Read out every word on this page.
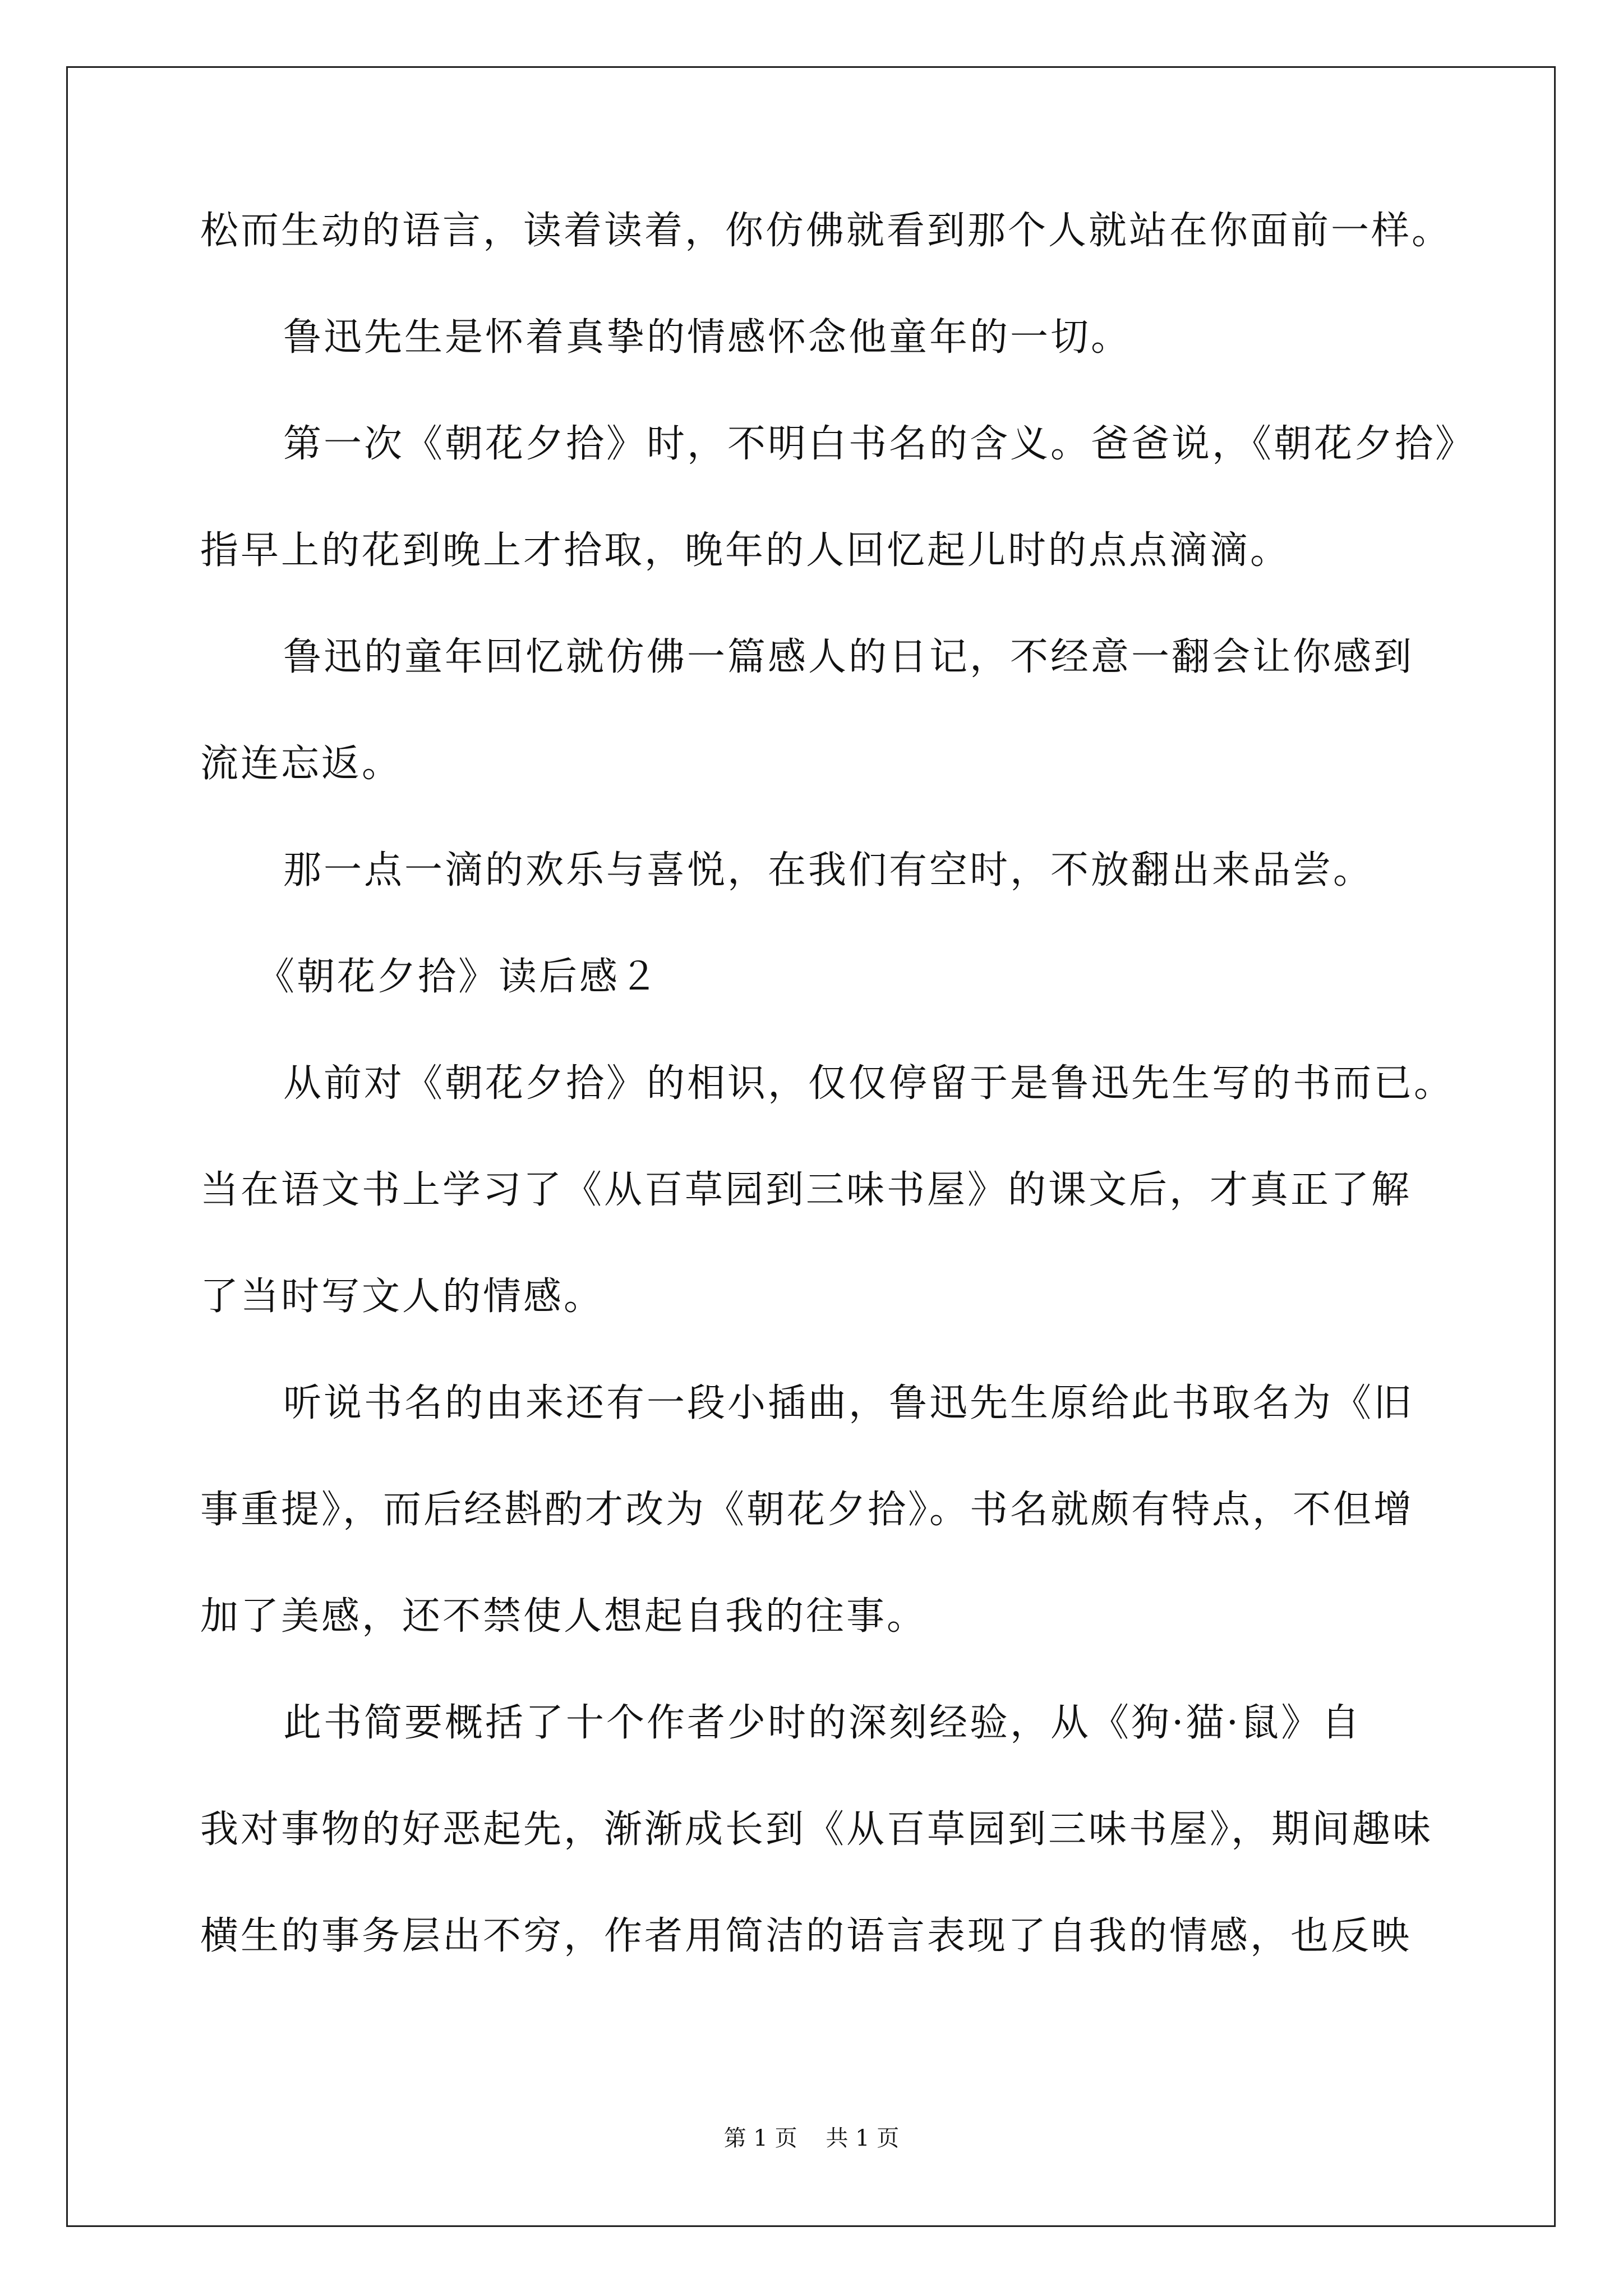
松而生动的语言，读着读着，你仿佛就看到那个人就站在你面前一样。
鲁迅先生是怀着真挚的情感怀念他童年的一切。
第一次《朝花夕拾》时，不明白书名的含义。爸爸说，《朝花夕拾》
指早上的花到晚上才拾取，晚年的人回忆起儿时的点点滴滴。
鲁迅的童年回忆就仿佛一篇感人的日记，不经意一翻会让你感到
流连忘返。
那一点一滴的欢乐与喜悦，在我们有空时，不放翻出来品尝。
《朝花夕拾》读后感２
从前对《朝花夕拾》的相识，仅仅停留于是鲁迅先生写的书而已。
当在语文书上学习了《从百草园到三味书屋》的课文后，才真正了解
了当时写文人的情感。
听说书名的由来还有一段小插曲，鲁迅先生原给此书取名为《旧
事重提》，而后经斟酌才改为《朝花夕拾》。书名就颇有特点，不但增
加了美感，还不禁使人想起自我的往事。
此书简要概括了十个作者少时的深刻经验，从《狗·猫·鼠》自
我对事物的好恶起先，渐渐成长到《从百草园到三味书屋》，期间趣味
横生的事务层出不穷，作者用简洁的语言表现了自我的情感，也反映
第 1 页    共 1 页
